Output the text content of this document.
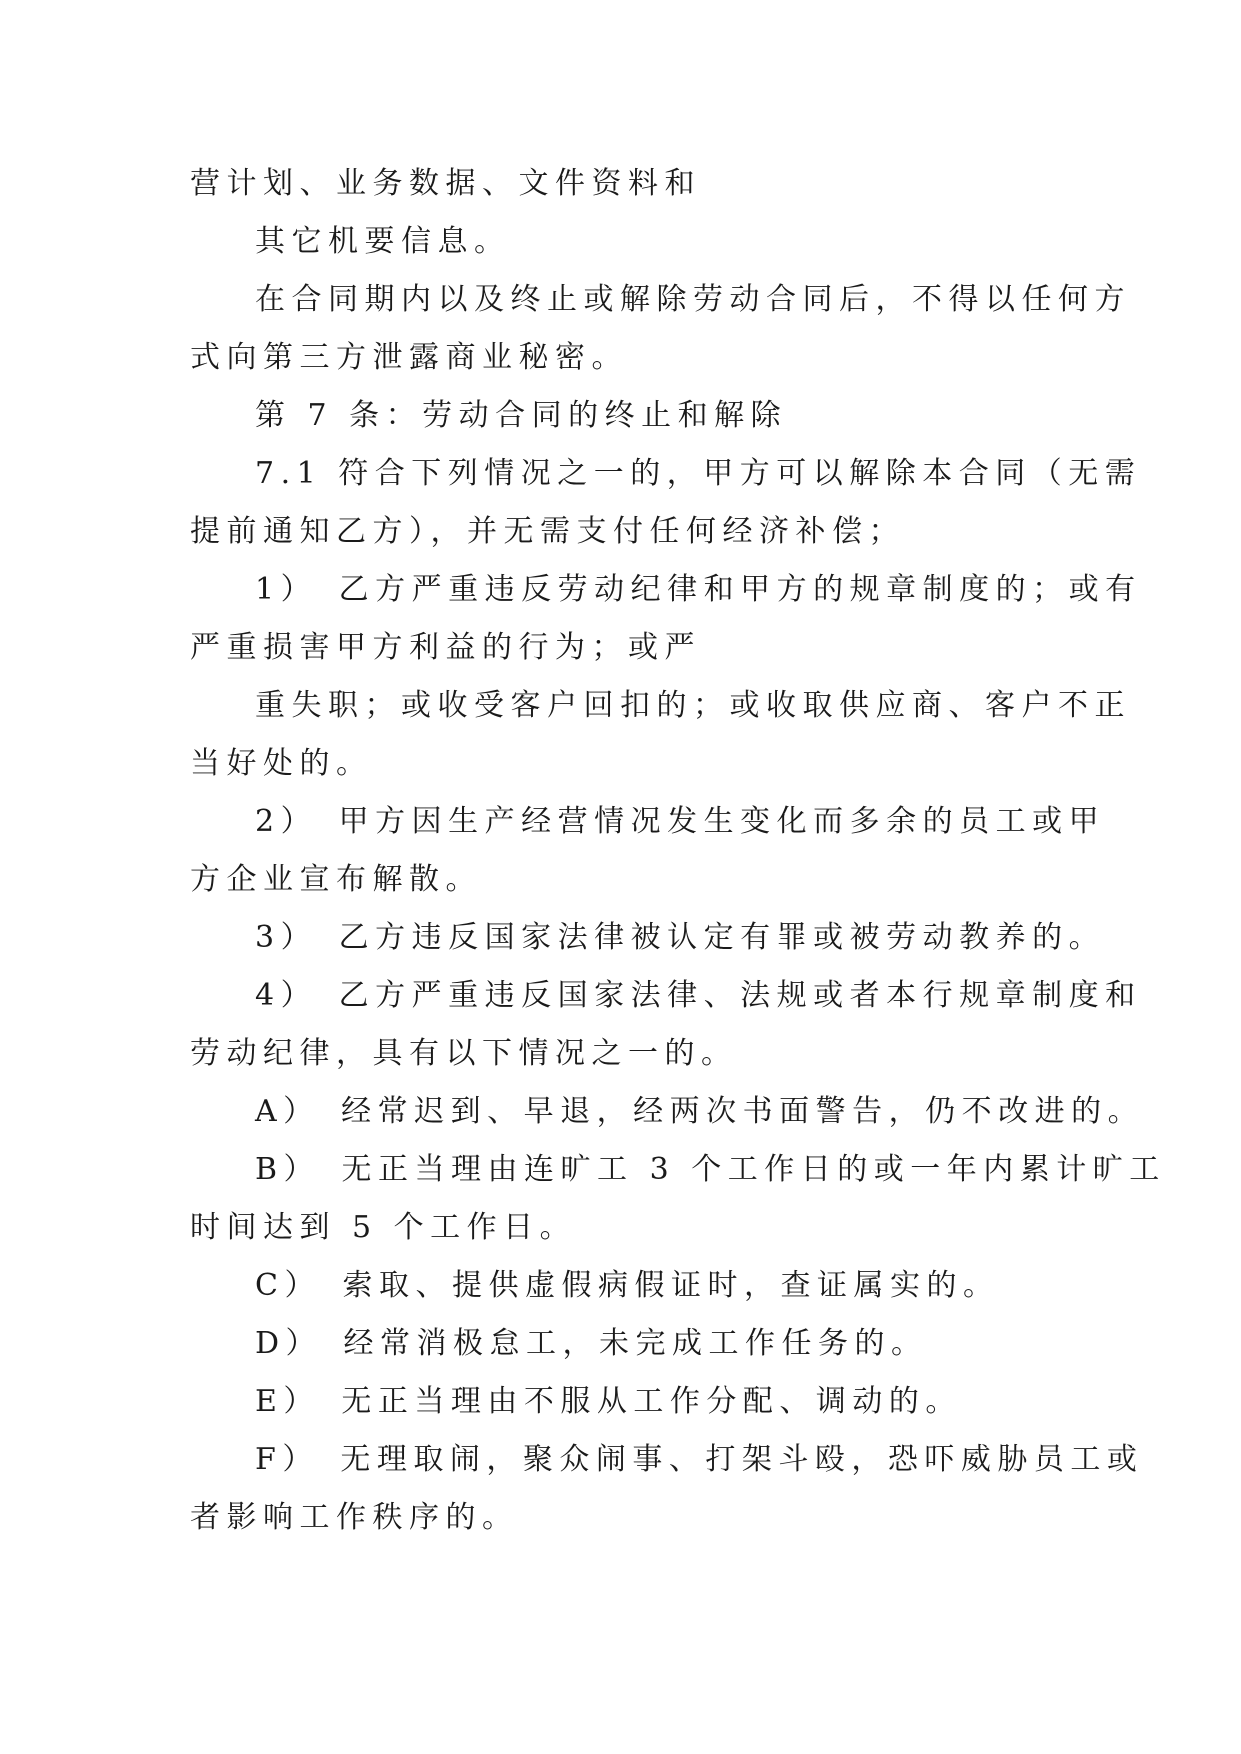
营计划、业务数据、文件资料和
其它机要信息。
在合同期内以及终止或解除劳动合同后，不得以任何方
式向第三方泄露商业秘密。
第 7 条：劳动合同的终止和解除
7.1 符合下列情况之一的，甲方可以解除本合同（无需
提前通知乙方），并无需支付任何经济补偿；
1）　乙方严重违反劳动纪律和甲方的规章制度的；或有
严重损害甲方利益的行为；或严
重失职；或收受客户回扣的；或收取供应商、客户不正
当好处的。
2）　甲方因生产经营情况发生变化而多余的员工或甲
方企业宣布解散。
3）　乙方违反国家法律被认定有罪或被劳动教养的。
4）　乙方严重违反国家法律、法规或者本行规章制度和
劳动纪律，具有以下情况之一的。
A）　经常迟到、早退，经两次书面警告，仍不改进的。
B）　无正当理由连旷工 3 个工作日的或一年内累计旷工
时间达到 5 个工作日。
C）　索取、提供虚假病假证时，查证属实的。
D）　经常消极怠工，未完成工作任务的。
E）　无正当理由不服从工作分配、调动的。
F）　无理取闹，聚众闹事、打架斗殴，恐吓威胁员工或
者影响工作秩序的。
